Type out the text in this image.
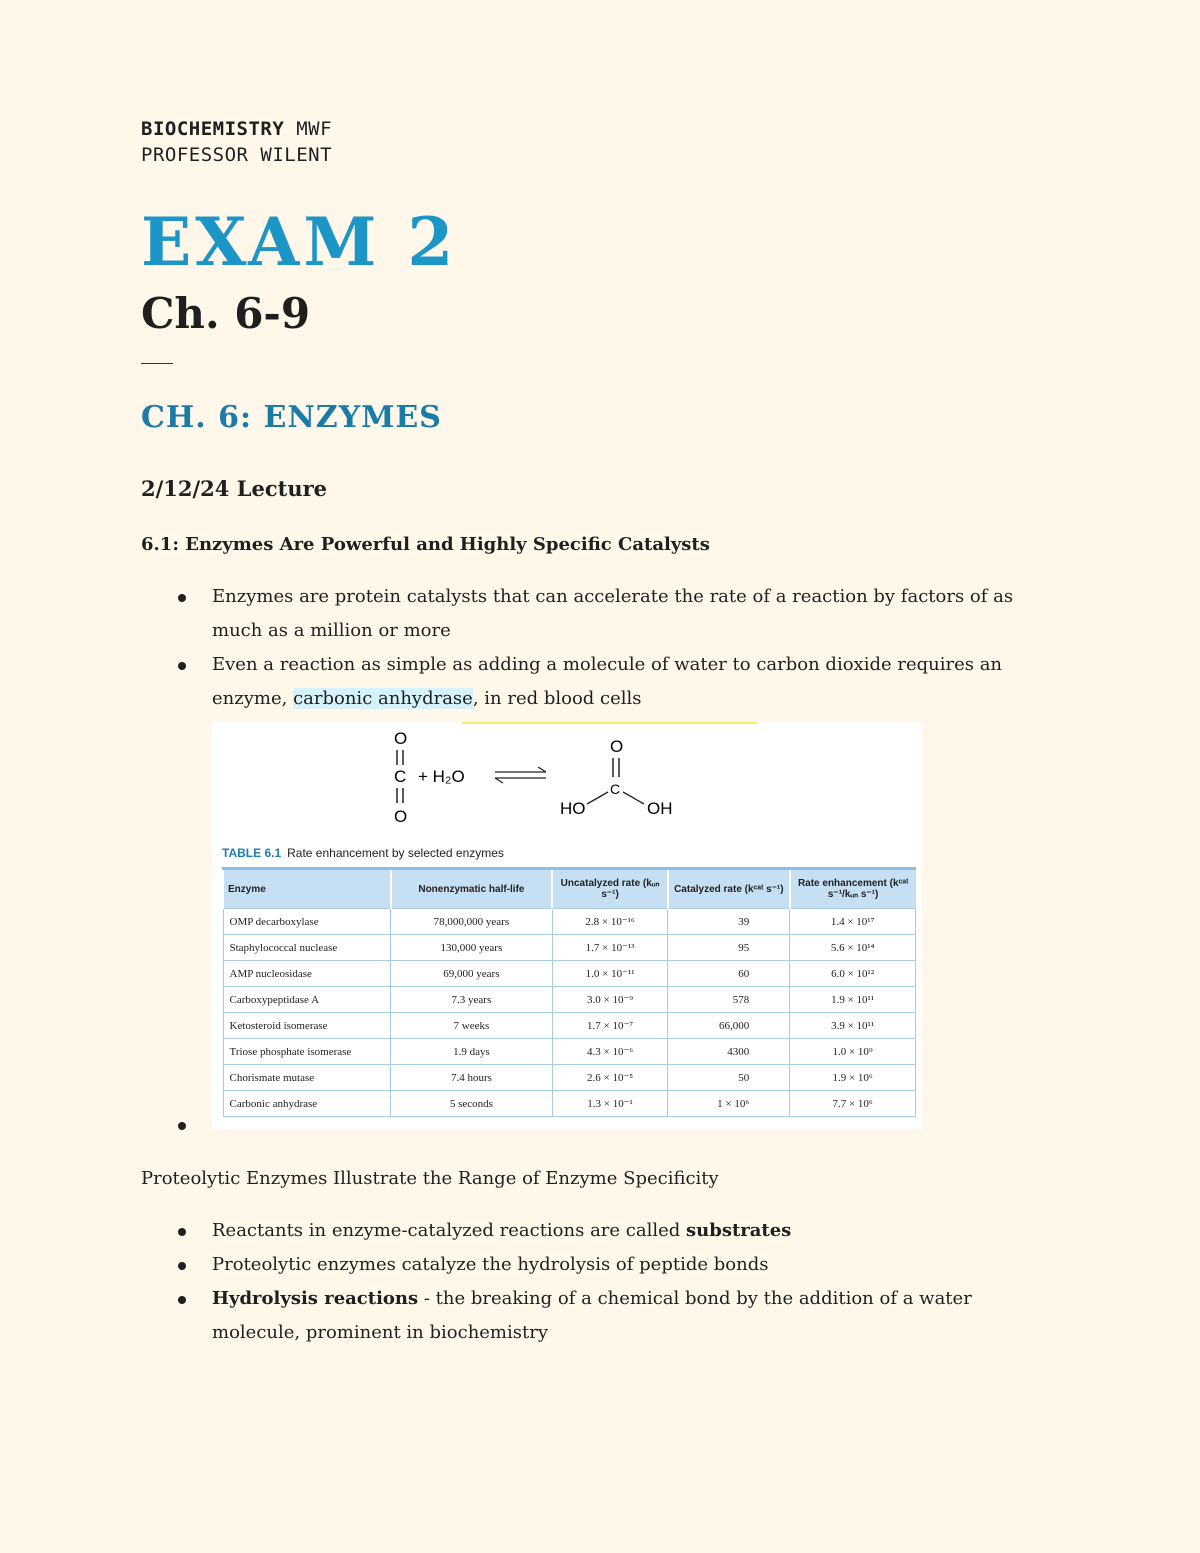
BIOCHEMISTRY MWF
PROFESSOR WILENT
EXAM 2
Ch. 6-9
CH. 6: ENZYMES
2/12/24 Lecture
6.1: Enzymes Are Powerful and Highly Specific Catalysts
Enzymes are protein catalysts that can accelerate the rate of a reaction by factors of as much as a million or more
Even a reaction as simple as adding a molecule of water to carbon dioxide requires an enzyme, carbonic anhydrase, in red blood cells
O
C
O
+ H₂O
O
C
HO	OH
TABLE 6.1 Rate enhancement by selected enzymes
Enzyme	Nonenzymatic half-life	Uncatalyzed rate (kᵤₙ s⁻¹)	Catalyzed rate (kᶜᵃᵗ s⁻¹)	Rate enhancement (kᶜᵃᵗ s⁻¹/kᵤₙ s⁻¹)
OMP decarboxylase	78,000,000 years	2.8 × 10⁻¹⁶	39	1.4 × 10¹⁷
Staphylococcal nuclease	130,000 years	1.7 × 10⁻¹³	95	5.6 × 10¹⁴
AMP nucleosidase	69,000 years	1.0 × 10⁻¹¹	60	6.0 × 10¹²
Carboxypeptidase A	7.3 years	3.0 × 10⁻⁹	578	1.9 × 10¹¹
Ketosteroid isomerase	7 weeks	1.7 × 10⁻⁷	66,000	3.9 × 10¹¹
Triose phosphate isomerase	1.9 days	4.3 × 10⁻⁶	4300	1.0 × 10⁹
Chorismate mutase	7.4 hours	2.6 × 10⁻⁵	50	1.9 × 10⁶
Carbonic anhydrase	5 seconds	1.3 × 10⁻¹	1 × 10⁶	7.7 × 10⁶
Proteolytic Enzymes Illustrate the Range of Enzyme Specificity
Reactants in enzyme-catalyzed reactions are called substrates
Proteolytic enzymes catalyze the hydrolysis of peptide bonds
Hydrolysis reactions - the breaking of a chemical bond by the addition of a water molecule, prominent in biochemistry
